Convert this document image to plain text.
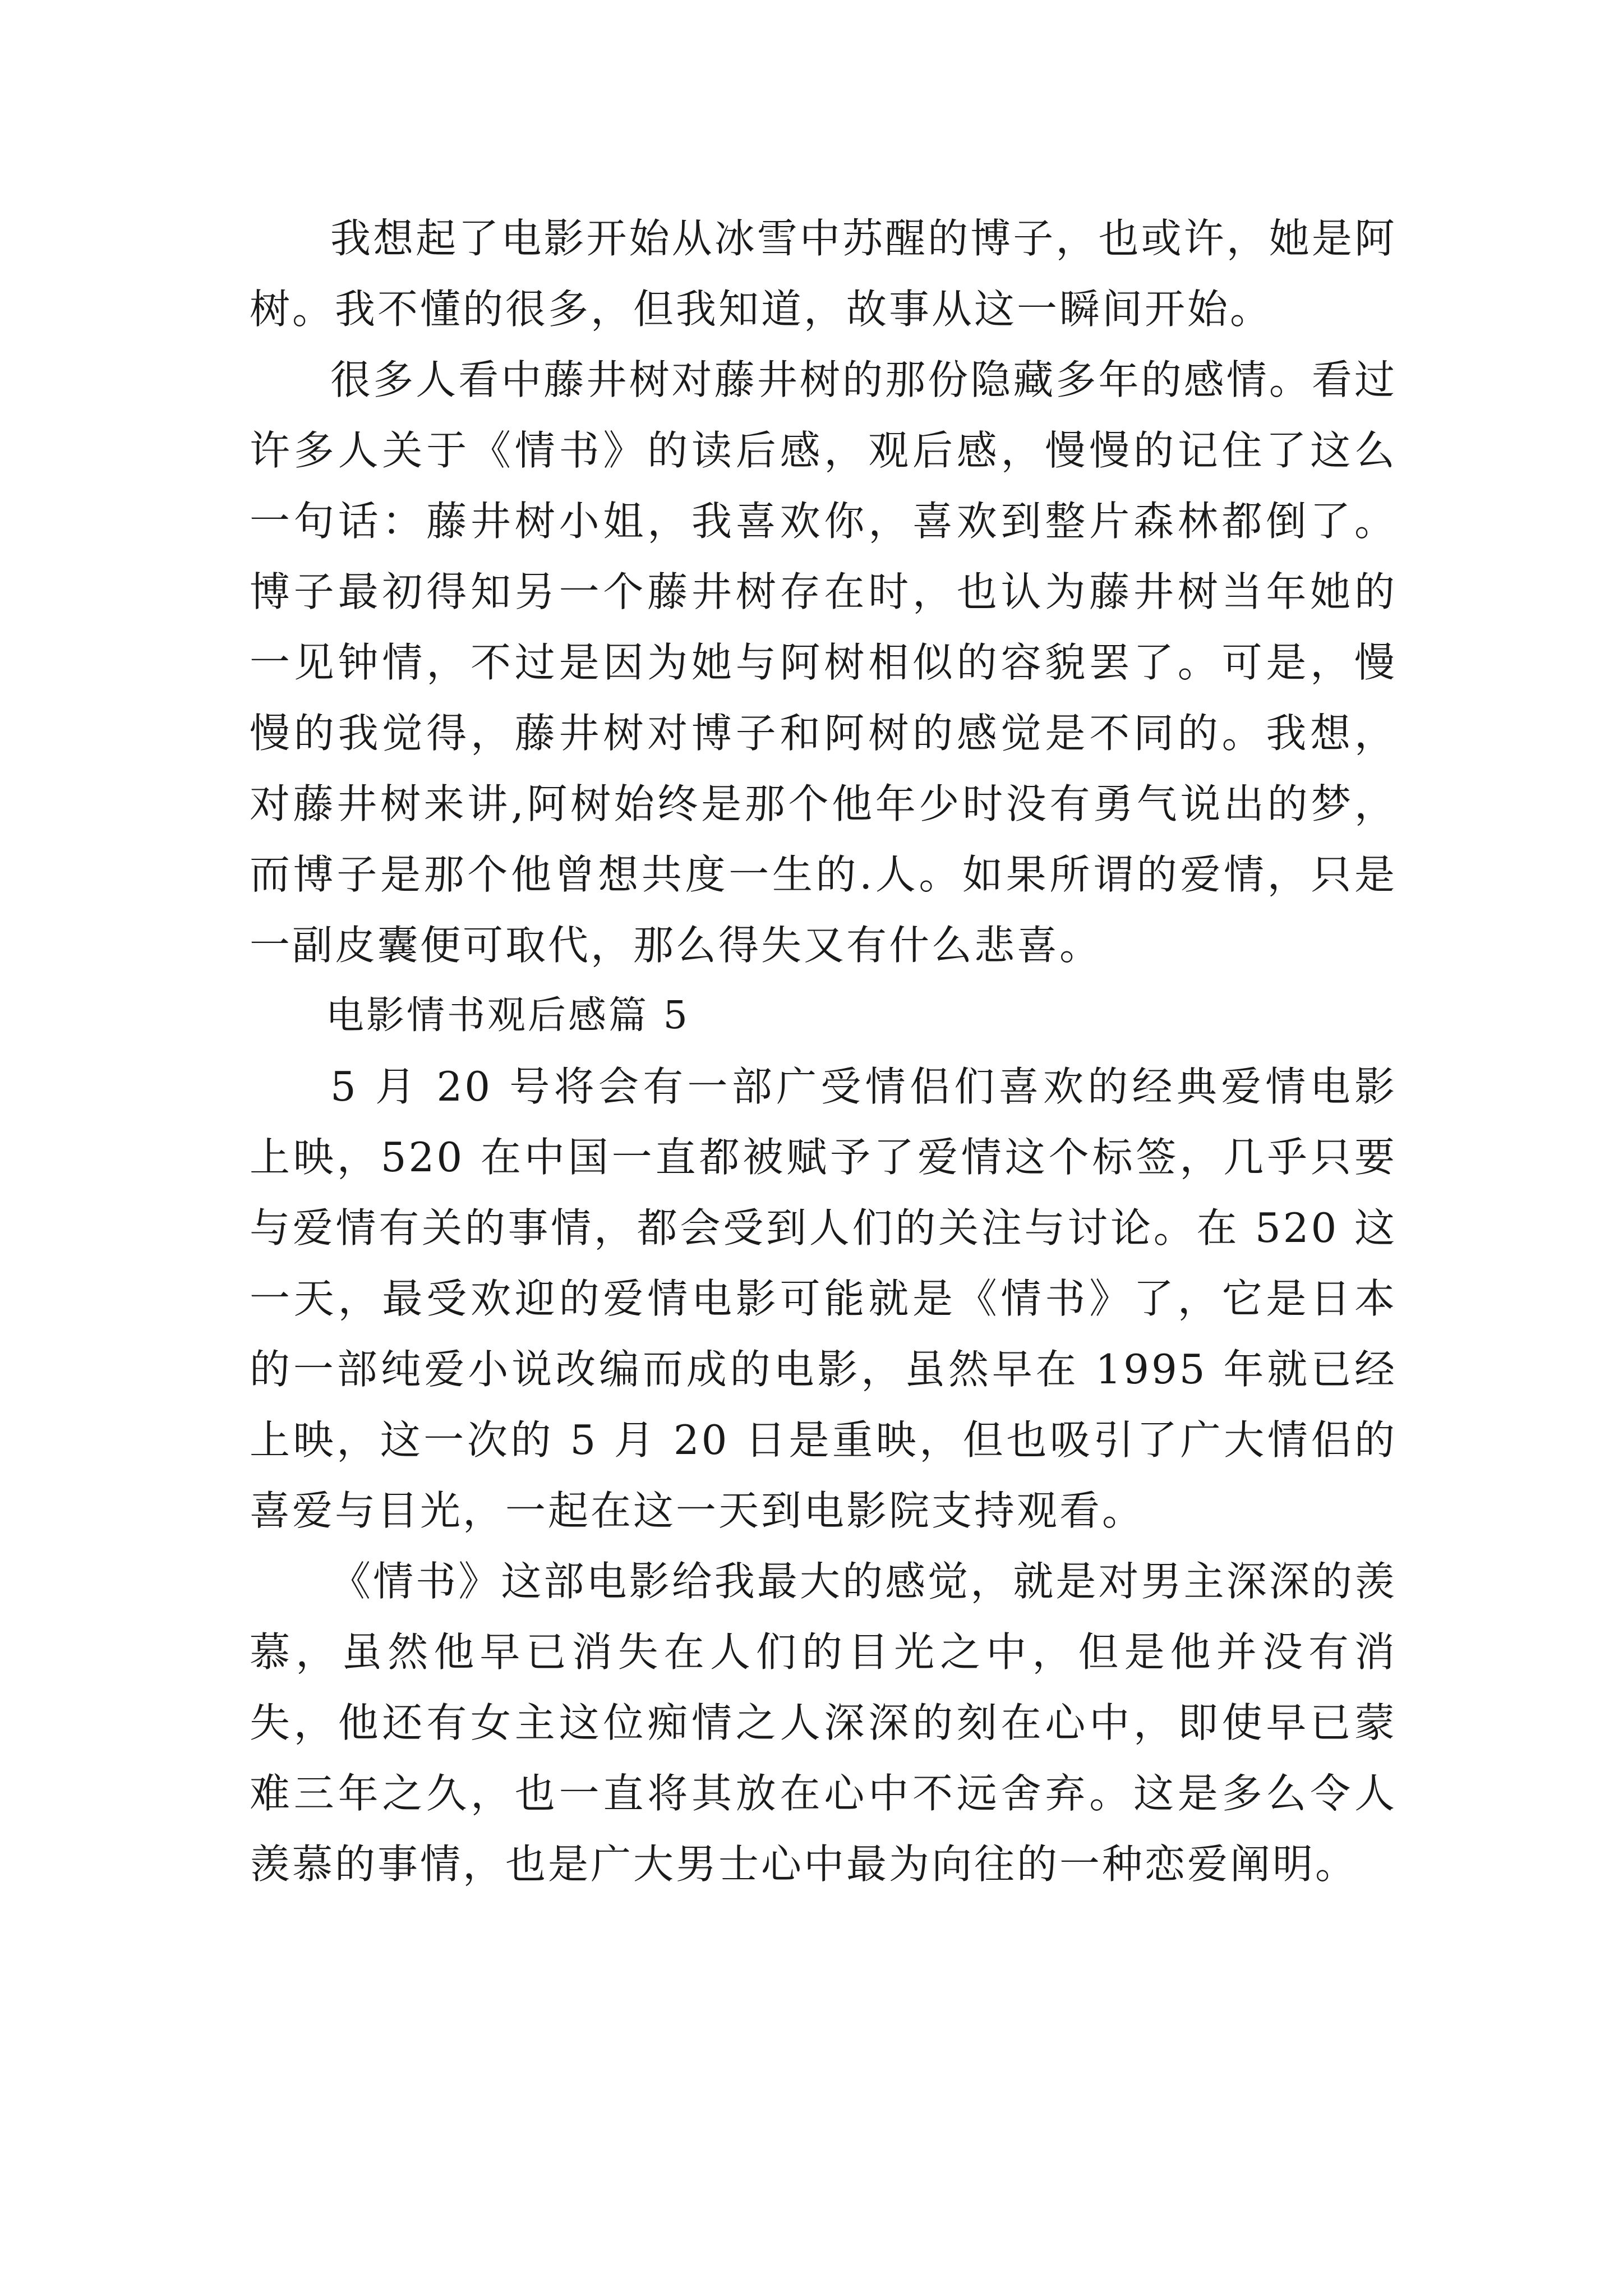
我想起了电影开始从冰雪中苏醒的博子，也或许，她是阿树。我不懂的很多，但我知道，故事从这一瞬间开始。

很多人看中藤井树对藤井树的那份隐藏多年的感情。看过许多人关于《情书》的读后感，观后感，慢慢的记住了这么一句话：藤井树小姐，我喜欢你，喜欢到整片森林都倒了。博子最初得知另一个藤井树存在时，也认为藤井树当年她的一见钟情，不过是因为她与阿树相似的容貌罢了。可是，慢慢的我觉得，藤井树对博子和阿树的感觉是不同的。我想，对藤井树来讲,阿树始终是那个他年少时没有勇气说出的梦，而博子是那个他曾想共度一生的.人。如果所谓的爱情，只是一副皮囊便可取代，那么得失又有什么悲喜。

电影情书观后感篇 5

5 月 20 号将会有一部广受情侣们喜欢的经典爱情电影上映，520 在中国一直都被赋予了爱情这个标签，几乎只要与爱情有关的事情，都会受到人们的关注与讨论。在 520 这一天，最受欢迎的爱情电影可能就是《情书》了，它是日本的一部纯爱小说改编而成的电影，虽然早在 1995 年就已经上映，这一次的 5 月 20 日是重映，但也吸引了广大情侣的喜爱与目光，一起在这一天到电影院支持观看。

《情书》这部电影给我最大的感觉，就是对男主深深的羡慕，虽然他早已消失在人们的目光之中，但是他并没有消失，他还有女主这位痴情之人深深的刻在心中，即使早已蒙难三年之久，也一直将其放在心中不远舍弃。这是多么令人羡慕的事情，也是广大男士心中最为向往的一种恋爱阐明。
